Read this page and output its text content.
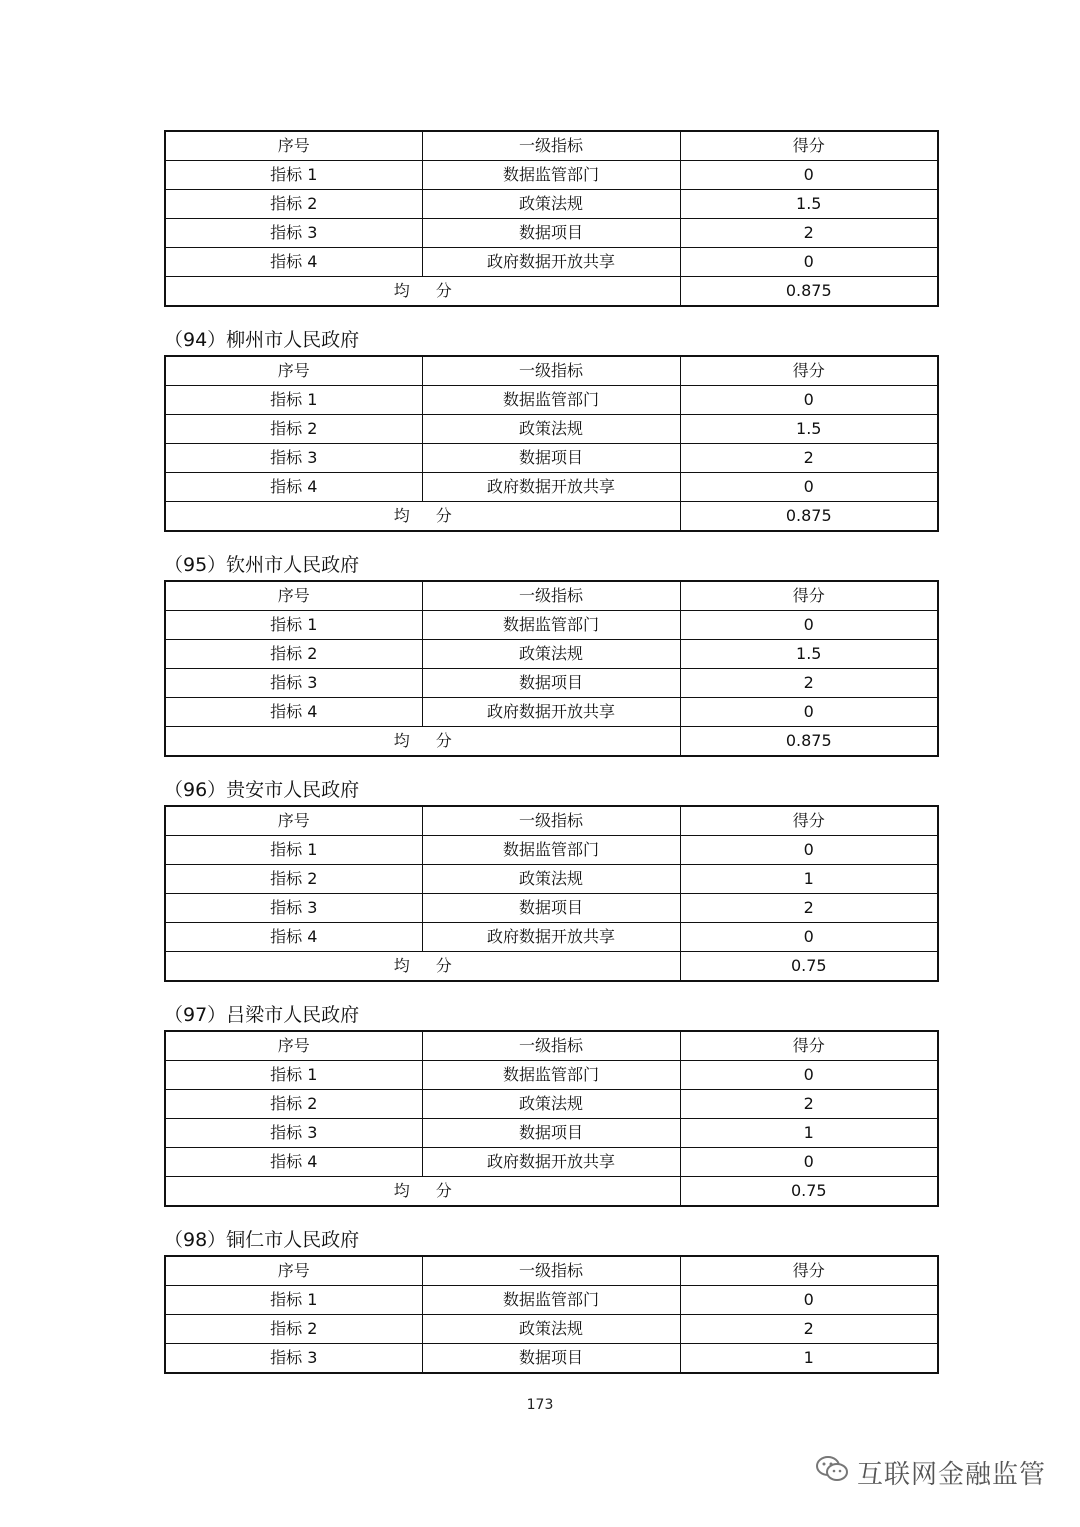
序号	一级指标	得分
指标 1	数据监管部门	0
指标 2	政策法规	1.5
指标 3	数据项目	2
指标 4	政府数据开放共享	0
均 分		0.875
（94）柳州市人民政府
序号	一级指标	得分
指标 1	数据监管部门	0
指标 2	政策法规	1.5
指标 3	数据项目	2
指标 4	政府数据开放共享	0
均 分		0.875
（95）钦州市人民政府
序号	一级指标	得分
指标 1	数据监管部门	0
指标 2	政策法规	1.5
指标 3	数据项目	2
指标 4	政府数据开放共享	0
均 分		0.875
（96）贵安市人民政府
序号	一级指标	得分
指标 1	数据监管部门	0
指标 2	政策法规	1
指标 3	数据项目	2
指标 4	政府数据开放共享	0
均 分		0.75
（97）吕梁市人民政府
序号	一级指标	得分
指标 1	数据监管部门	0
指标 2	政策法规	2
指标 3	数据项目	1
指标 4	政府数据开放共享	0
均 分		0.75
（98）铜仁市人民政府
序号	一级指标	得分
指标 1	数据监管部门	0
指标 2	政策法规	2
指标 3	数据项目	1
173
互联网金融监管
